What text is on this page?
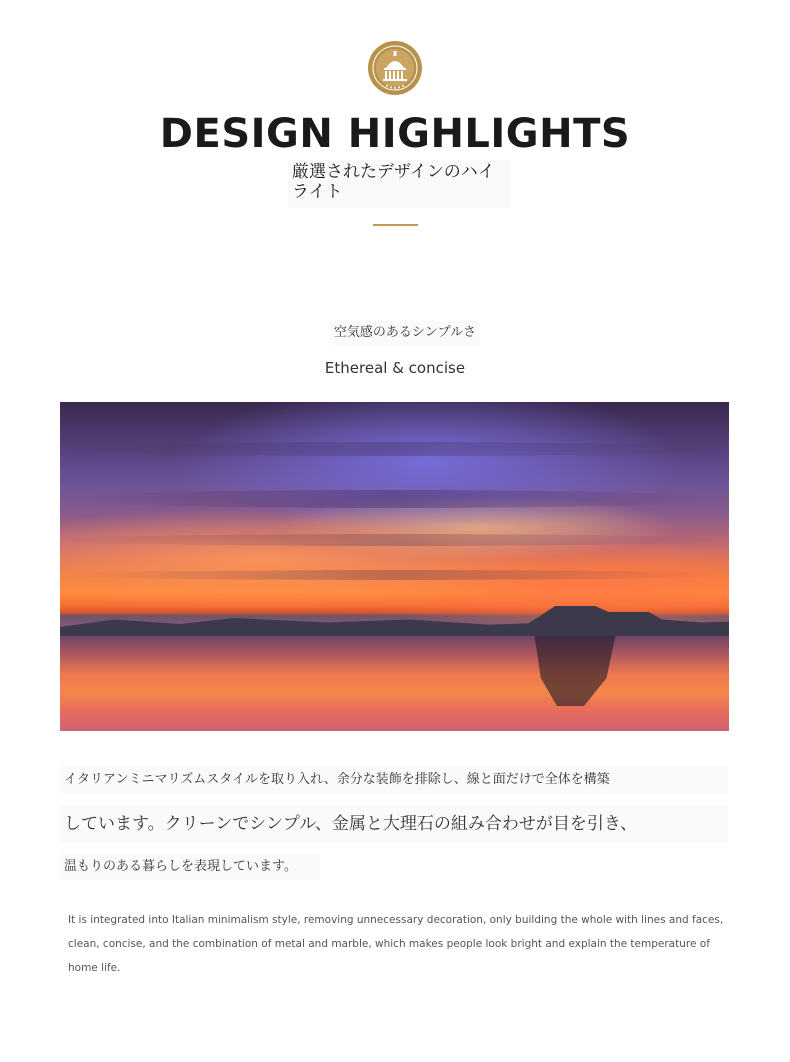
DESIGN HIGHLIGHTS
厳選されたデザインのハイライト
空気感のあるシンプルさ
Ethereal & concise
イタリアンミニマリズムスタイルを取り入れ、余分な装飾を排除し、線と面だけで全体を構築
しています。クリーンでシンプル、金属と大理石の組み合わせが目を引き、
温もりのある暮らしを表現しています。
It is integrated into Italian minimalism style, removing unnecessary decoration, only building the whole with lines and faces, clean, concise, and the combination of metal and marble, which makes people look bright and explain the temperature of home life.
